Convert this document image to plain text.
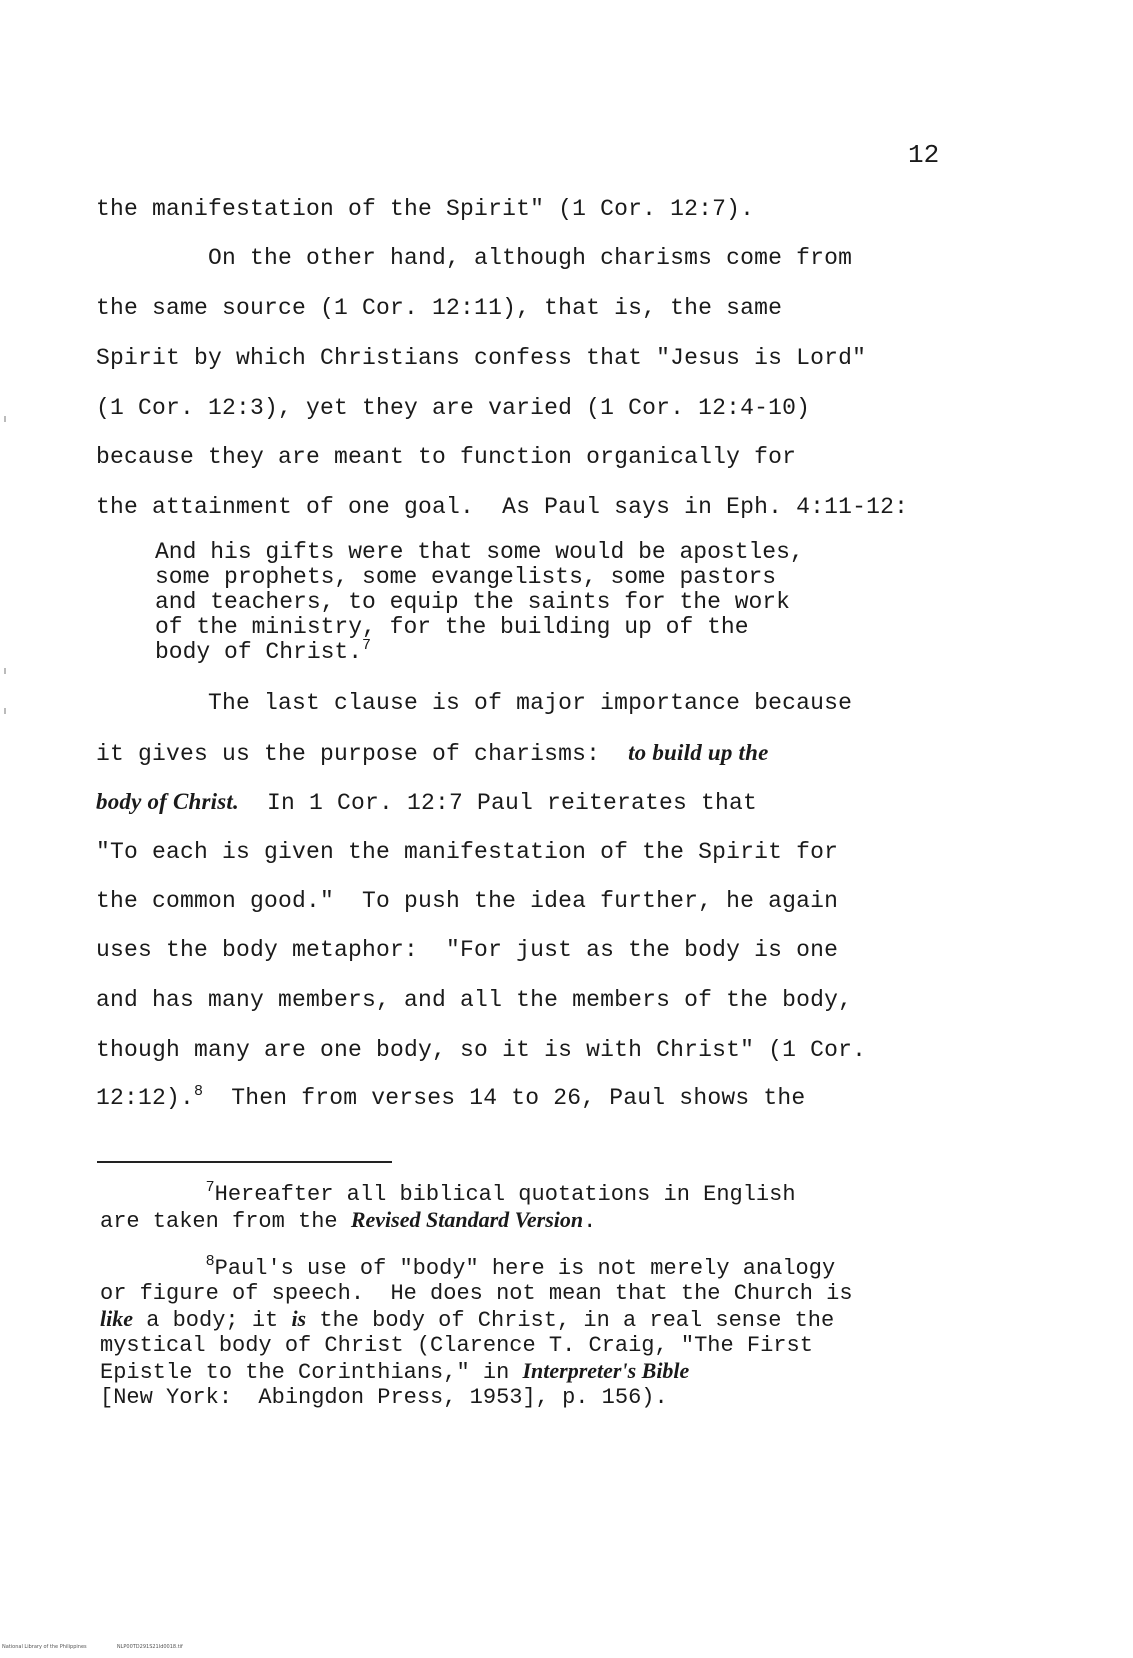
12
the manifestation of the Spirit" (1 Cor. 12:7).
On the other hand, although charisms come from
the same source (1 Cor. 12:11), that is, the same
Spirit by which Christians confess that "Jesus is Lord"
(1 Cor. 12:3), yet they are varied (1 Cor. 12:4-10)
because they are meant to function organically for
the attainment of one goal.  As Paul says in Eph. 4:11-12:
And his gifts were that some would be apostles,
some prophets, some evangelists, some pastors
and teachers, to equip the saints for the work
of the ministry, for the building up of the
body of Christ.$^7$
The last clause is of major importance because
it gives us the purpose of charisms:  to build up the
body of Christ.  In 1 Cor. 12:7 Paul reiterates that
"To each is given the manifestation of the Spirit for
the common good."  To push the idea further, he again
uses the body metaphor:  "For just as the body is one
and has many members, and all the members of the body,
though many are one body, so it is with Christ" (1 Cor.
12:12).$^8$  Then from verses 14 to 26, Paul shows the
$^7$Hereafter all biblical quotations in English
are taken from the Revised Standard Version.
$^8$Paul's use of "body" here is not merely analogy
or figure of speech.  He does not mean that the Church is
like a body; it is the body of Christ, in a real sense the
mystical body of Christ (Clarence T. Craig, "The First
Epistle to the Corinthians," in Interpreter's Bible
[New York:  Abingdon Press, 1953], p. 156).
National Library of the Philippines	NLP00TD291S21Id0018.tif
